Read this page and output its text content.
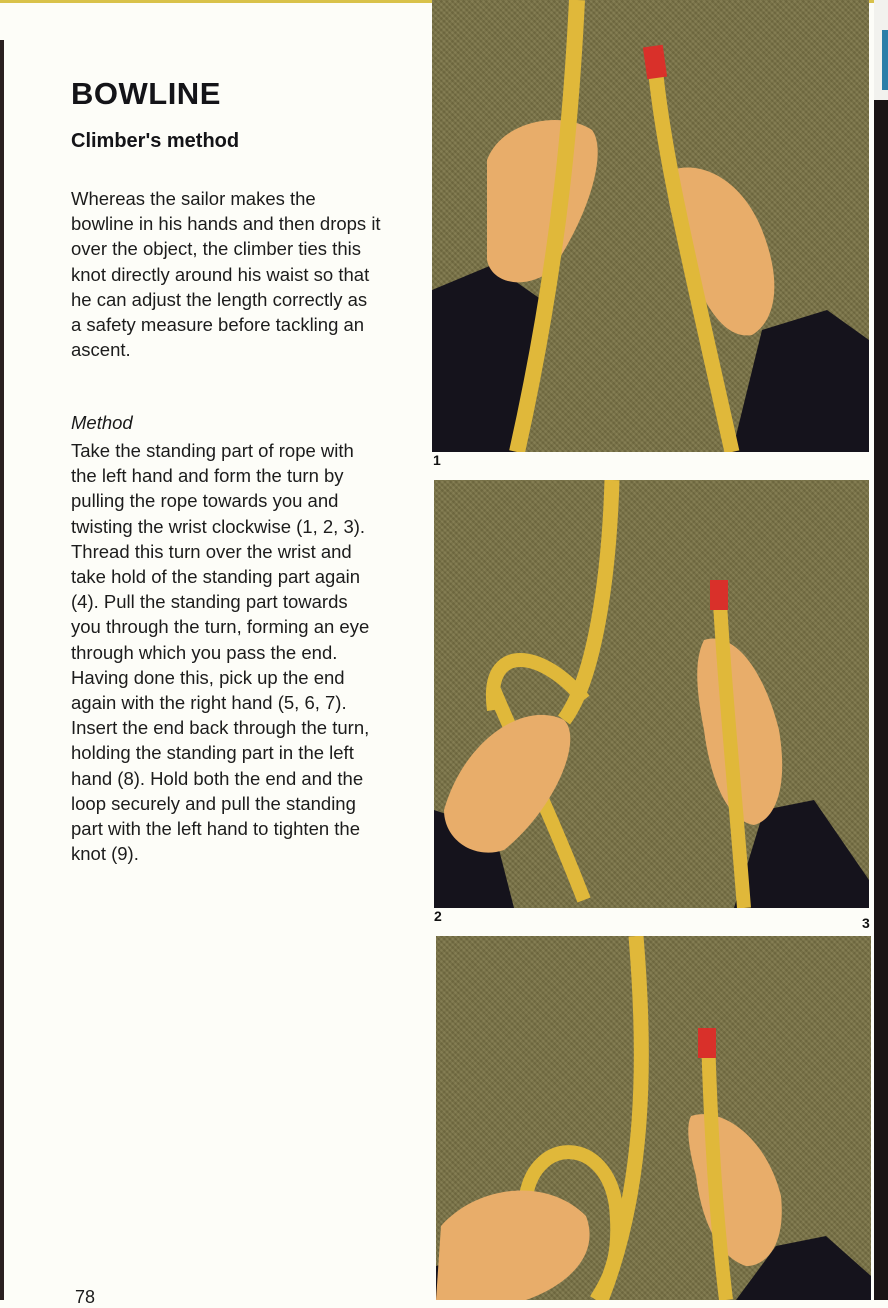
BOWLINE
Climber's method

Whereas the sailor makes the bowline in his hands and then drops it over the object, the climber ties this knot directly around his waist so that he can adjust the length correctly as a safety measure before tackling an ascent.

Method

Take the standing part of rope with the left hand and form the turn by pulling the rope towards you and twisting the wrist clockwise (1, 2, 3). Thread this turn over the wrist and take hold of the standing part again (4). Pull the standing part towards you through the turn, forming an eye through which you pass the end. Having done this, pick up the end again with the right hand (5, 6, 7). Insert the end back through the turn, holding the standing part in the left hand (8). Hold both the end and the loop securely and pull the standing part with the left hand to tighten the knot (9).

78
1
2	3
